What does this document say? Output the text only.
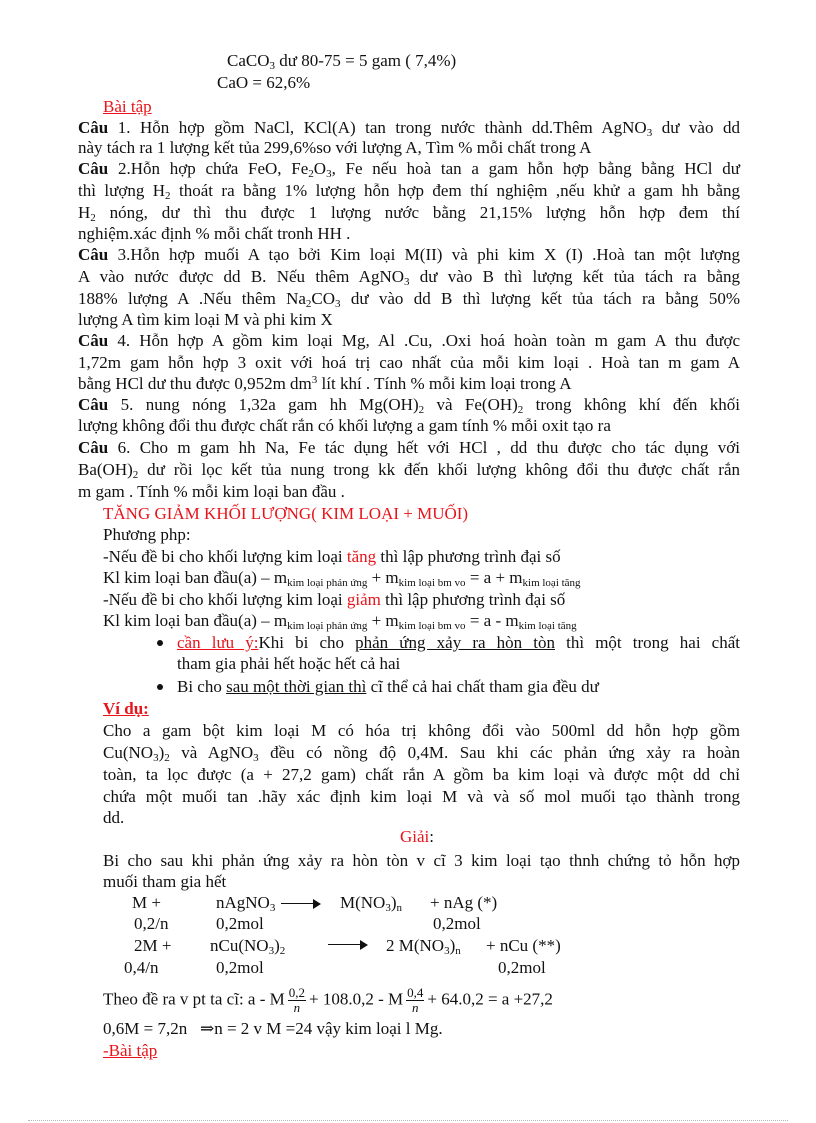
CaCO$_3$ dư 80-75 = 5 gam ( 7,4%)
CaO = 62,6%
Bài tập
Câu 1. Hỗn hợp gồm NaCl, KCl(A) tan trong nước thành dd.Thêm AgNO$_3$ dư vào dd
này tách ra 1 lượng kết tủa 299,6%so với lượng A, Tìm % mỗi chất trong A
Câu 2.Hỗn hợp chứa FeO, $Fe_2O_3$, Fe nếu hoà tan a gam hỗn hợp bằng bằng HCl dư
thì lượng $H_2$ thoát ra bằng 1% lượng hỗn hợp đem thí nghiệm ,nếu khử a gam hh bằng
$H_2$ nóng, dư thì thu được 1 lượng nước bằng 21,15% lượng hỗn hợp đem thí
nghiệm.xác định % mỗi chất tronh HH .
Câu 3.Hỗn hợp muối A tạo bởi Kim loại M(II) và phi kim X (I) .Hoà tan một lượng
A vào nước được dd B. Nếu thêm AgNO$_3$ dư vào B thì lượng kết tủa tách ra bằng
188% lượng A .Nếu thêm $Na_2CO_3$ dư vào dd B thì lượng kết tủa tách ra bằng 50%
lượng A tìm kim loại M và phi kim X
Câu 4. Hỗn hợp A gồm kim loại Mg, Al .Cu, .Oxi hoá hoàn toàn m gam A thu được
1,72m gam hỗn hợp 3 oxit với hoá trị cao nhất của mỗi kim loại . Hoà tan m gam A
bằng HCl dư thu được 0,952m $dm^3$ lít khí . Tính % mỗi kim loại trong A
Câu 5. nung nóng 1,32a gam hh $Mg(OH)_2$ và $Fe(OH)_2$ trong không khí đến khối
lượng không đổi thu được chất rắn có khối lượng a gam tính % mỗi oxit tạo ra
Câu 6. Cho m gam hh Na, Fe tác dụng hết với HCl , dd thu được cho tác dụng với
$Ba(OH)_2$ dư rồi lọc kết tủa nung trong kk đến khối lượng không đổi thu được chất rắn
m gam . Tính % mỗi kim loại ban đầu .
TĂNG GIẢM KHỐI LƯỢNG( KIM LOẠI + MUỐI)
Phương php:
-Nếu đề bi cho khối lượng kim loại tăng thì lập phương trình đại số
Kl kim loại ban đầu(a) – $m_{kim loại phản ứng} + m_{kim loại bm vo} = a + m_{kim loại tăng}$
-Nếu đề bi cho khối lượng kim loại giảm thì lập phương trình đại số
Kl kim loại ban đầu(a) – $m_{kim loại phản ứng} + m_{kim loại bm vo} = a - m_{kim loại tăng}$
cần lưu ý:Khi bi cho phản ứng xảy ra hòn tòn thì một trong hai chất
tham gia phải hết hoặc hết cả hai
Bi cho sau một thời gian thì cĩ thể cả hai chất tham gia đều dư
Ví dụ:
Cho a gam bột kim loại M có hóa trị không đổi vào 500ml dd hỗn hợp gồm
$Cu(NO_3)_2$ và AgNO$_3$ đều có nồng độ 0,4M. Sau khi các phản ứng xảy ra hoàn
toàn, ta lọc được (a + 27,2 gam) chất rắn A gồm ba kim loại và được một dd chỉ
chứa một muối tan .hãy xác định kim loại M và và số mol muối tạo thành trong
dd.
Giải:
Bi cho sau khi phản ứng xảy ra hòn tòn v cĩ 3 kim loại tạo thnh chứng tỏ hỗn hợp
muối tham gia hết
M +	nAgNO$_3$	$M(NO_3)_n$ + nAg (*)
0,2/n	0,2mol	0,2mol
$2M + nCu(NO_3)_2$	2 $M(NO_3)_n$ + nCu (**)
0,4/n	0,2mol	0,2mol
Theo đề ra v pt ta cĩ: a - M $\frac{0,2}{n} + 108.0,2 - M \frac{0,4}{n} + 64.0,2 = a +27,2$
0,6M = 7,2n ⇒n = 2 v M =24 vậy kim loại l Mg.
-Bài tập
